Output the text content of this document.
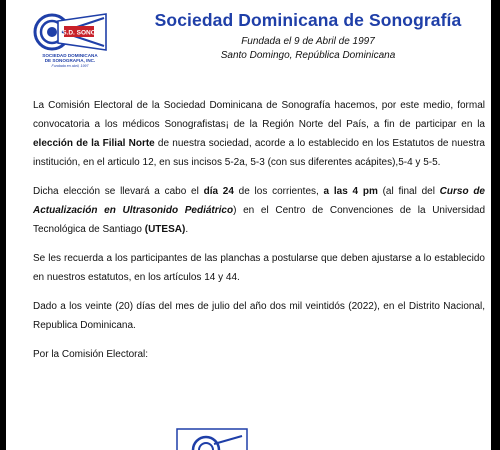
S.D. SONO
SOCIEDAD DOMINICANA
DE SONOGRAFIA, INC.
Fundada en abril, 1997
Sociedad Dominicana de Sonografía
Fundada el 9 de Abril de 1997
Santo Domingo, República Dominicana

La Comisión Electoral de la Sociedad Dominicana de Sonografía hacemos, por este medio, formal convocatoria a los médicos Sonografistas¡ de la Región Norte del País, a fin de participar en la elección de la Filial Norte de nuestra sociedad, acorde a lo establecido en los Estatutos de nuestra institución, en el articulo 12, en sus incisos 5-2a, 5-3 (con sus diferentes acápites),5-4 y 5-5.

Dicha elección se llevará a cabo el día 24 de los corrientes, a las 4 pm (al final del Curso de Actualización en Ultrasonido Pediátrico) en el Centro de Convenciones de la Universidad Tecnológica de Santiago (UTESA).

Se les recuerda a los participantes de las planchas a postularse que deben ajustarse a lo establecido en nuestros estatutos, en los artículos 14 y 44.

Dado a los veinte (20) días del mes de julio del año dos mil veintidós (2022), en el Distrito Nacional, Republica Dominicana.

Por la Comisión Electoral:
